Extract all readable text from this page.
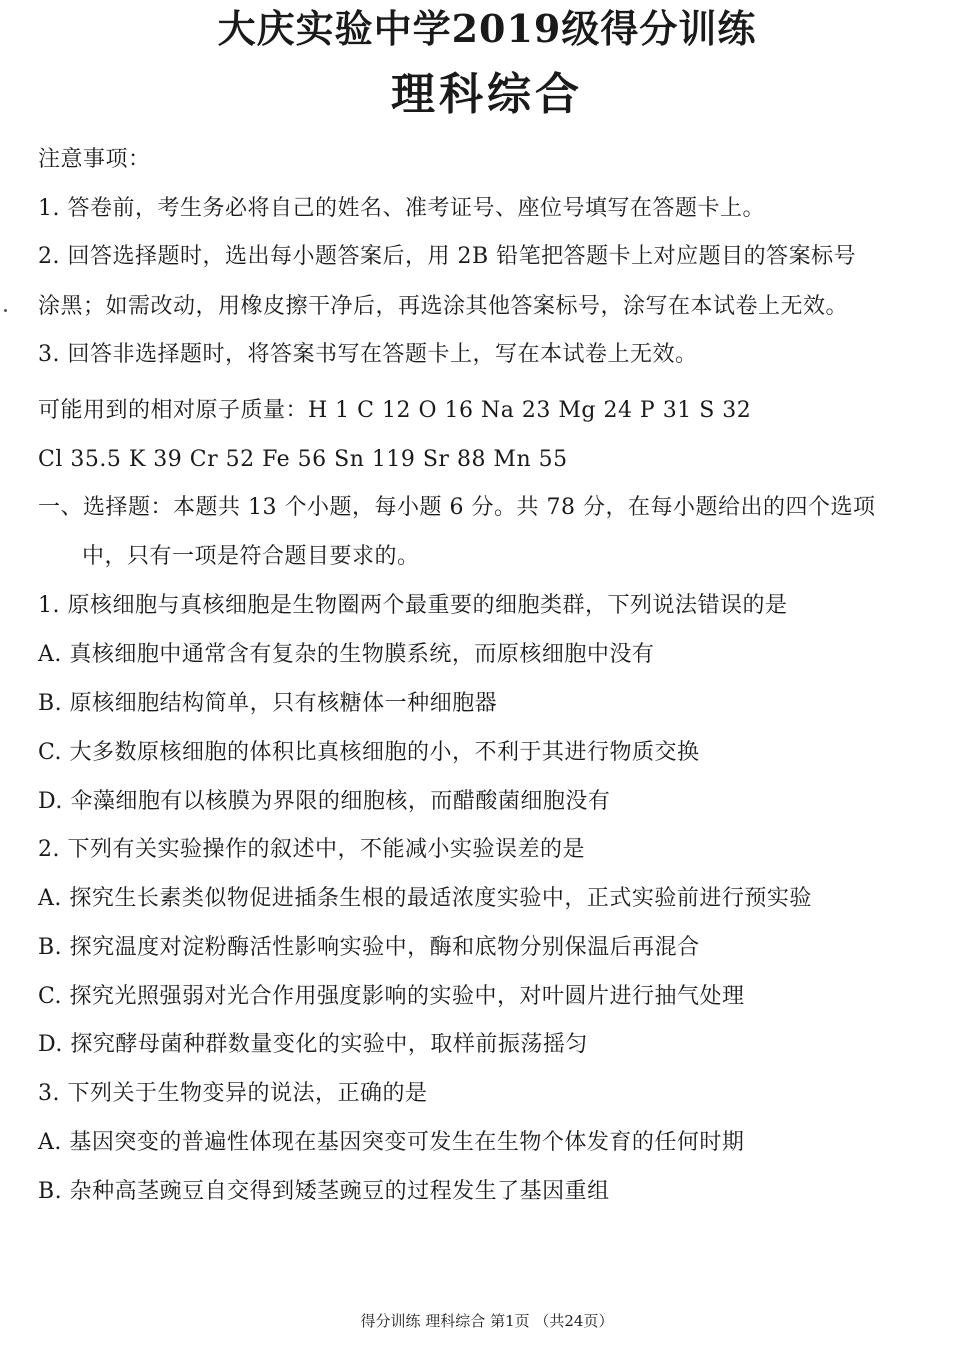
大庆实验中学2019级得分训练
理科综合
注意事项：
1. 答卷前，考生务必将自己的姓名、准考证号、座位号填写在答题卡上。
2. 回答选择题时，选出每小题答案后，用 2B 铅笔把答题卡上对应题目的答案标号
涂黑；如需改动，用橡皮擦干净后，再选涂其他答案标号，涂写在本试卷上无效。
3. 回答非选择题时，将答案书写在答题卡上，写在本试卷上无效。
可能用到的相对原子质量：H 1 C 12 O 16 Na 23 Mg 24 P 31 S 32
Cl 35.5 K 39 Cr 52 Fe 56 Sn 119 Sr 88 Mn 55
一、选择题：本题共 13 个小题，每小题 6 分。共 78 分，在每小题给出的四个选项
中，只有一项是符合题目要求的。
1. 原核细胞与真核细胞是生物圈两个最重要的细胞类群，下列说法错误的是
A. 真核细胞中通常含有复杂的生物膜系统，而原核细胞中没有
B. 原核细胞结构简单，只有核糖体一种细胞器
C. 大多数原核细胞的体积比真核细胞的小，不利于其进行物质交换
D. 伞藻细胞有以核膜为界限的细胞核，而醋酸菌细胞没有
2. 下列有关实验操作的叙述中，不能减小实验误差的是
A. 探究生长素类似物促进插条生根的最适浓度实验中，正式实验前进行预实验
B. 探究温度对淀粉酶活性影响实验中，酶和底物分别保温后再混合
C. 探究光照强弱对光合作用强度影响的实验中，对叶圆片进行抽气处理
D. 探究酵母菌种群数量变化的实验中，取样前振荡摇匀
3. 下列关于生物变异的说法，正确的是
A. 基因突变的普遍性体现在基因突变可发生在生物个体发育的任何时期
B. 杂种高茎豌豆自交得到矮茎豌豆的过程发生了基因重组
得分训练 理科综合 第1页 （共24页）
